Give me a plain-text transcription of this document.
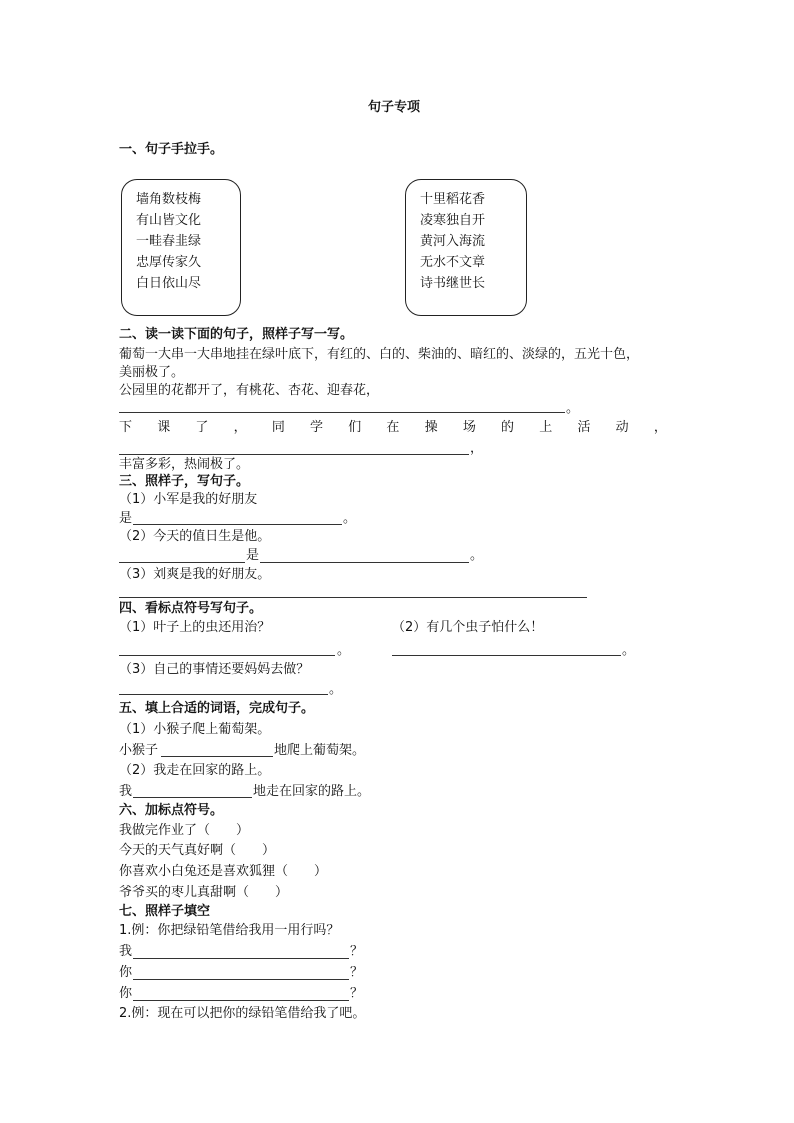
句子专项
一、句子手拉手。
墙角数枝梅
有山皆文化
一畦春韭绿
忠厚传家久
白日依山尽
十里稻花香
凌寒独自开
黄河入海流
无水不文章
诗书继世长
二、读一读下面的句子，照样子写一写。
葡萄一大串一大串地挂在绿叶底下，有红的、白的、柴油的、暗红的、淡绿的，五光十色，
美丽极了。
公园里的花都开了，有桃花、杏花、迎春花，
。
下 课 了 ， 同 学 们 在 操 场 的 上 活 动 ，
，
丰富多彩，热闹极了。
三、照样子，写句子。
（1）小军是我的好朋友
是	。
（2）今天的值日生是他。
是	。
（3）刘爽是我的好朋友。
四、看标点符号写句子。
（1）叶子上的虫还用治？	（2）有几个虫子怕什么！
。	。
（3）自己的事情还要妈妈去做？
。
五、填上合适的词语，完成句子。
（1）小猴子爬上葡萄架。
小猴子	地爬上葡萄架。
（2）我走在回家的路上。
我	地走在回家的路上。
六、加标点符号。
我做完作业了（　　）
今天的天气真好啊（　　）
你喜欢小白兔还是喜欢狐狸（　　）
爷爷买的枣儿真甜啊（　　）
七、照样子填空
1.例：你把绿铅笔借给我用一用行吗？
我	？
你	？
你	？
2.例：现在可以把你的绿铅笔借给我了吧。
